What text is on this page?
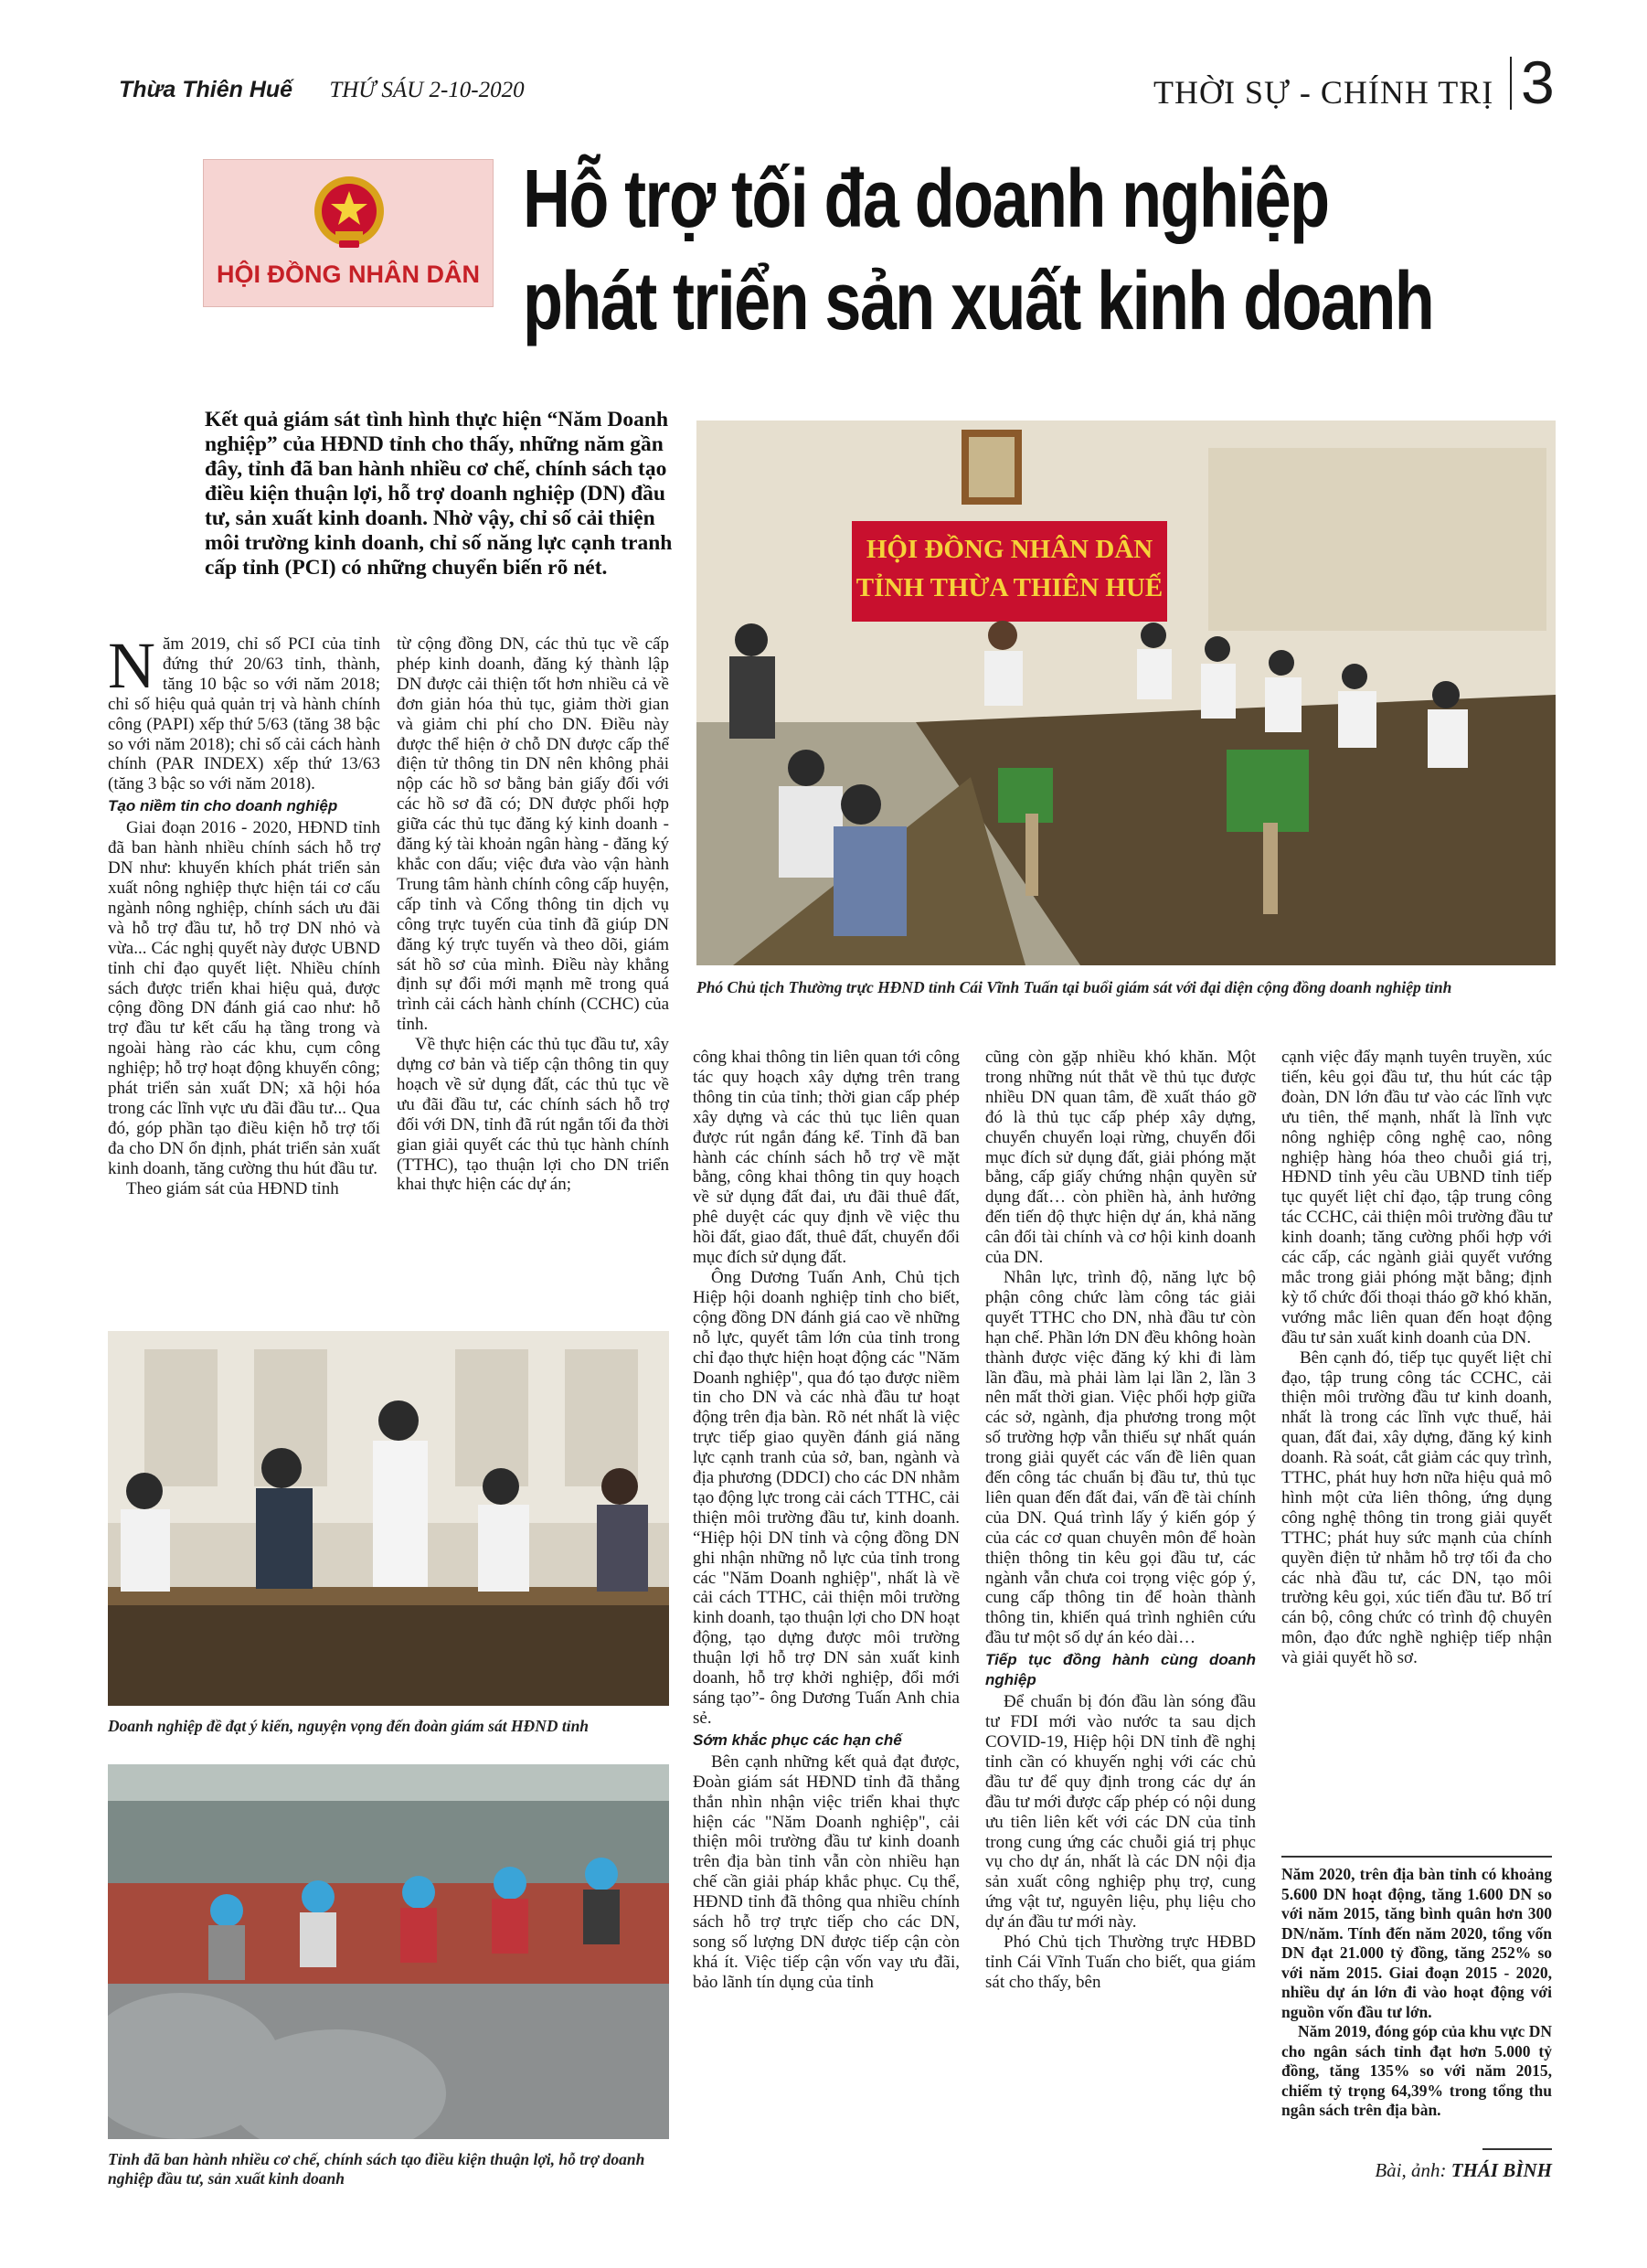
Thừa Thiên Huế THỨ SÁU 2-10-2020	THỜI SỰ - CHÍNH TRỊ 3
HỘI ĐỒNG NHÂN DÂN
Hỗ trợ tối đa doanh nghiệp
phát triển sản xuất kinh doanh
Kết quả giám sát tình hình thực hiện “Năm Doanh nghiệp” của HĐND tỉnh cho thấy, những năm gần đây, tỉnh đã ban hành nhiều cơ chế, chính sách tạo điều kiện thuận lợi, hỗ trợ doanh nghiệp (DN) đầu tư, sản xuất kinh doanh. Nhờ vậy, chỉ số cải thiện môi trường kinh doanh, chỉ số năng lực cạnh tranh cấp tỉnh (PCI) có những chuyển biến rõ nét.
HỘI ĐỒNG NHÂN DÂN
TỈNH THỪA THIÊN HUẾ
Phó Chủ tịch Thường trực HĐND tỉnh Cái Vĩnh Tuấn tại buổi giám sát với đại diện cộng đồng doanh nghiệp tỉnh
Doanh nghiệp đề đạt ý kiến, nguyện vọng đến đoàn giám sát HĐND tỉnh
Tỉnh đã ban hành nhiều cơ chế, chính sách tạo điều kiện thuận lợi, hỗ trợ doanh nghiệp đầu tư, sản xuất kinh doanh

Năm 2019, chỉ số PCI của tỉnh đứng thứ 20/63 tỉnh, thành, tăng 10 bậc so với năm 2018; chỉ số hiệu quả quản trị và hành chính công (PAPI) xếp thứ 5/63 (tăng 38 bậc so với năm 2018); chỉ số cải cách hành chính (PAR INDEX) xếp thứ 13/63 (tăng 3 bậc so với năm 2018).

Tạo niềm tin cho doanh nghiệp

Giai đoạn 2016 - 2020, HĐND tỉnh đã ban hành nhiều chính sách hỗ trợ DN như: khuyến khích phát triển sản xuất nông nghiệp thực hiện tái cơ cấu ngành nông nghiệp, chính sách ưu đãi và hỗ trợ đầu tư, hỗ trợ DN nhỏ và vừa... Các nghị quyết này được UBND tỉnh chỉ đạo quyết liệt. Nhiều chính sách được triển khai hiệu quả, được cộng đồng DN đánh giá cao như: hỗ trợ đầu tư kết cấu hạ tầng trong và ngoài hàng rào các khu, cụm công nghiệp; hỗ trợ hoạt động khuyến công; phát triển sản xuất DN; xã hội hóa trong các lĩnh vực ưu đãi đầu tư... Qua đó, góp phần tạo điều kiện hỗ trợ tối đa cho DN ổn định, phát triển sản xuất kinh doanh, tăng cường thu hút đầu tư.

Theo giám sát của HĐND tỉnh

từ cộng đồng DN, các thủ tục về cấp phép kinh doanh, đăng ký thành lập DN được cải thiện tốt hơn nhiều cả về đơn giản hóa thủ tục, giảm thời gian và giảm chi phí cho DN. Điều này được thể hiện ở chỗ DN được cấp thể điện tử thông tin DN nên không phải nộp các hồ sơ bằng bản giấy đối với các hồ sơ đã có; DN được phối hợp giữa các thủ tục đăng ký kinh doanh - đăng ký tài khoản ngân hàng - đăng ký khắc con dấu; việc đưa vào vận hành Trung tâm hành chính công cấp huyện, cấp tỉnh và Cổng thông tin dịch vụ công trực tuyến của tỉnh đã giúp DN đăng ký trực tuyến và theo dõi, giám sát hồ sơ của mình. Điều này khẳng định sự đổi mới mạnh mẽ trong quá trình cải cách hành chính (CCHC) của tỉnh.

Về thực hiện các thủ tục đầu tư, xây dựng cơ bản và tiếp cận thông tin quy hoạch về sử dụng đất, các thủ tục về ưu đãi đầu tư, các chính sách hỗ trợ đối với DN, tỉnh đã rút ngắn tối đa thời gian giải quyết các thủ tục hành chính (TTHC), tạo thuận lợi cho DN triển khai thực hiện các dự án;

công khai thông tin liên quan tới công tác quy hoạch xây dựng trên trang thông tin của tỉnh; thời gian cấp phép xây dựng và các thủ tục liên quan được rút ngắn đáng kể. Tỉnh đã ban hành các chính sách hỗ trợ về mặt bằng, công khai thông tin quy hoạch về sử dụng đất đai, ưu đãi thuê đất, phê duyệt các quy định về việc thu hồi đất, giao đất, thuê đất, chuyển đổi mục đích sử dụng đất.

Ông Dương Tuấn Anh, Chủ tịch Hiệp hội doanh nghiệp tỉnh cho biết, cộng đồng DN đánh giá cao về những nỗ lực, quyết tâm lớn của tỉnh trong chỉ đạo thực hiện hoạt động các "Năm Doanh nghiệp", qua đó tạo được niềm tin cho DN và các nhà đầu tư hoạt động trên địa bàn. Rõ nét nhất là việc trực tiếp giao quyền đánh giá năng lực cạnh tranh của sở, ban, ngành và địa phương (DDCI) cho các DN nhằm tạo động lực trong cải cách TTHC, cải thiện môi trường đầu tư, kinh doanh. “Hiệp hội DN tỉnh và cộng đồng DN ghi nhận những nỗ lực của tỉnh trong các "Năm Doanh nghiệp", nhất là về cải cách TTHC, cải thiện môi trường kinh doanh, tạo thuận lợi cho DN hoạt động, tạo dựng được môi trường thuận lợi hỗ trợ DN sản xuất kinh doanh, hỗ trợ khởi nghiệp, đổi mới sáng tạo”- ông Dương Tuấn Anh chia sẻ.

Sớm khắc phục các hạn chế

Bên cạnh những kết quả đạt được, Đoàn giám sát HĐND tỉnh đã thẳng thắn nhìn nhận việc triển khai thực hiện các "Năm Doanh nghiệp", cải thiện môi trường đầu tư kinh doanh trên địa bàn tỉnh vẫn còn nhiều hạn chế cần giải pháp khắc phục. Cụ thể, HĐND tỉnh đã thông qua nhiều chính sách hỗ trợ trực tiếp cho các DN, song số lượng DN được tiếp cận còn khá ít. Việc tiếp cận vốn vay ưu đãi, bảo lãnh tín dụng của tỉnh

cũng còn gặp nhiều khó khăn. Một trong những nút thắt về thủ tục được nhiều DN quan tâm, đề xuất tháo gỡ đó là thủ tục cấp phép xây dựng, chuyển chuyển loại rừng, chuyển đổi mục đích sử dụng đất, giải phóng mặt bằng, cấp giấy chứng nhận quyền sử dụng đất… còn phiền hà, ảnh hưởng đến tiến độ thực hiện dự án, khả năng cân đối tài chính và cơ hội kinh doanh của DN.

Nhân lực, trình độ, năng lực bộ phận công chức làm công tác giải quyết TTHC cho DN, nhà đầu tư còn hạn chế. Phần lớn DN đều không hoàn thành được việc đăng ký khi đi làm lần đầu, mà phải làm lại lần 2, lần 3 nên mất thời gian. Việc phối hợp giữa các sở, ngành, địa phương trong một số trường hợp vẫn thiếu sự nhất quán trong giải quyết các vấn đề liên quan đến công tác chuẩn bị đầu tư, thủ tục liên quan đến đất đai, vấn đề tài chính của DN. Quá trình lấy ý kiến góp ý của các cơ quan chuyên môn để hoàn thiện thông tin kêu gọi đầu tư, các ngành vẫn chưa coi trọng việc góp ý, cung cấp thông tin để hoàn thành thông tin, khiến quá trình nghiên cứu đầu tư một số dự án kéo dài…

Tiếp tục đồng hành cùng doanh nghiệp

Để chuẩn bị đón đầu làn sóng đầu tư FDI mới vào nước ta sau dịch COVID-19, Hiệp hội DN tỉnh đề nghị tỉnh cần có khuyến nghị với các chủ đầu tư để quy định trong các dự án đầu tư mới được cấp phép có nội dung ưu tiên liên kết với các DN của tỉnh trong cung ứng các chuỗi giá trị phục vụ cho dự án, nhất là các DN nội địa sản xuất công nghiệp phụ trợ, cung ứng vật tư, nguyên liệu, phụ liệu cho dự án đầu tư mới này.

Phó Chủ tịch Thường trực HĐBD tỉnh Cái Vĩnh Tuấn cho biết, qua giám sát cho thấy, bên

cạnh việc đẩy mạnh tuyên truyền, xúc tiến, kêu gọi đầu tư, thu hút các tập đoàn, DN lớn đầu tư vào các lĩnh vực ưu tiên, thế mạnh, nhất là lĩnh vực nông nghiệp công nghệ cao, nông nghiệp hàng hóa theo chuỗi giá trị, HĐND tỉnh yêu cầu UBND tỉnh tiếp tục quyết liệt chỉ đạo, tập trung công tác CCHC, cải thiện môi trường đầu tư kinh doanh; tăng cường phối hợp với các cấp, các ngành giải quyết vướng mắc trong giải phóng mặt bằng; định kỳ tổ chức đối thoại tháo gỡ khó khăn, vướng mắc liên quan đến hoạt động đầu tư sản xuất kinh doanh của DN.

Bên cạnh đó, tiếp tục quyết liệt chỉ đạo, tập trung công tác CCHC, cải thiện môi trường đầu tư kinh doanh, nhất là trong các lĩnh vực thuế, hải quan, đất đai, xây dựng, đăng ký kinh doanh. Rà soát, cắt giảm các quy trình, TTHC, phát huy hơn nữa hiệu quả mô hình một cửa liên thông, ứng dụng công nghệ thông tin trong giải quyết TTHC; phát huy sức mạnh của chính quyền điện tử nhằm hỗ trợ tối đa cho các nhà đầu tư, các DN, tạo môi trường kêu gọi, xúc tiến đầu tư. Bố trí cán bộ, công chức có trình độ chuyên môn, đạo đức nghề nghiệp tiếp nhận và giải quyết hồ sơ.

Năm 2020, trên địa bàn tỉnh có khoảng 5.600 DN hoạt động, tăng 1.600 DN so với năm 2015, tăng bình quân hơn 300 DN/năm. Tính đến năm 2020, tổng vốn DN đạt 21.000 tỷ đồng, tăng 252% so với năm 2015. Giai đoạn 2015 - 2020, nhiều dự án lớn đi vào hoạt động với nguồn vốn đầu tư lớn.

Năm 2019, đóng góp của khu vực DN cho ngân sách tỉnh đạt hơn 5.000 tỷ đồng, tăng 135% so với năm 2015, chiếm tỷ trọng 64,39% trong tổng thu ngân sách trên địa bàn.

Bài, ảnh: THÁI BÌNH
